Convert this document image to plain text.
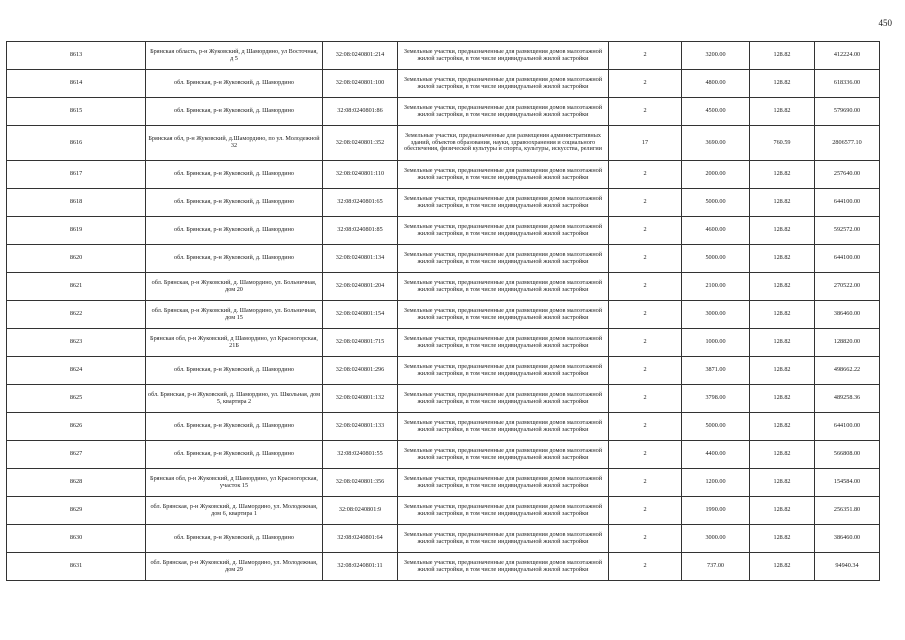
450
8613	Брянская область, р-н Жуковский, д Шамордино, ул Восточная, д 5	32:08:0240801:214	Земельные участки, предназначенные для размещения домов малоэтажной жилой застройки, в том числе индивидуальной жилой застройки	2	3200.00	128.82	412224.00
8614	обл. Брянская, р-н Жуковский, д. Шамордино	32:08:0240801:100	Земельные участки, предназначенные для размещения домов малоэтажной жилой застройки, в том числе индивидуальной жилой застройки	2	4800.00	128.82	618336.00
8615	обл. Брянская, р-н Жуковский, д. Шамордино	32:08:0240801:86	Земельные участки, предназначенные для размещения домов малоэтажной жилой застройки, в том числе индивидуальной жилой застройки	2	4500.00	128.82	579690.00
8616	Брянская обл, р-н Жуковский, д.Шамордино, по ул. Молодежной 32	32:08:0240801:352	Земельные участки, предназначенные для размещения административных зданий, объектов образования, науки, здравоохранения и социального обеспечения, физической культуры и спорта, культуры, искусства, религии	17	3690.00	760.59	2806577.10
8617	обл. Брянская, р-н Жуковский, д. Шамордино	32:08:0240801:110	Земельные участки, предназначенные для размещения домов малоэтажной жилой застройки, в том числе индивидуальной жилой застройки	2	2000.00	128.82	257640.00
8618	обл. Брянская, р-н Жуковский, д. Шамордино	32:08:0240801:65	Земельные участки, предназначенные для размещения домов малоэтажной жилой застройки, в том числе индивидуальной жилой застройки	2	5000.00	128.82	644100.00
8619	обл. Брянская, р-н Жуковский, д. Шамордино	32:08:0240801:85	Земельные участки, предназначенные для размещения домов малоэтажной жилой застройки, в том числе индивидуальной жилой застройки	2	4600.00	128.82	592572.00
8620	обл. Брянская, р-н Жуковский, д. Шамордино	32:08:0240801:134	Земельные участки, предназначенные для размещения домов малоэтажной жилой застройки, в том числе индивидуальной жилой застройки	2	5000.00	128.82	644100.00
8621	обл. Брянская, р-н Жуковский, д. Шамордино, ул. Больничная, дом 20	32:08:0240801:204	Земельные участки, предназначенные для размещения домов малоэтажной жилой застройки, в том числе индивидуальной жилой застройки	2	2100.00	128.82	270522.00
8622	обл. Брянская, р-н Жуковский, д. Шамордино, ул. Больничная, дом 15	32:08:0240801:154	Земельные участки, предназначенные для размещения домов малоэтажной жилой застройки, в том числе индивидуальной жилой застройки	2	3000.00	128.82	386460.00
8623	Брянская обл, р-н Жуковский, д Шамордино, ул Красногорская, 21Б	32:08:0240801:715	Земельные участки, предназначенные для размещения домов малоэтажной жилой застройки, в том числе индивидуальной жилой застройки	2	1000.00	128.82	128820.00
8624	обл. Брянская, р-н Жуковский, д. Шамордино	32:08:0240801:296	Земельные участки, предназначенные для размещения домов малоэтажной жилой застройки, в том числе индивидуальной жилой застройки	2	3871.00	128.82	498662.22
8625	обл. Брянская, р-н Жуковский, д. Шамордино, ул. Школьная, дом 5, квартира 2	32:08:0240801:132	Земельные участки, предназначенные для размещения домов малоэтажной жилой застройки, в том числе индивидуальной жилой застройки	2	3798.00	128.82	489258.36
8626	обл. Брянская, р-н Жуковский, д. Шамордино	32:08:0240801:133	Земельные участки, предназначенные для размещения домов малоэтажной жилой застройки, в том числе индивидуальной жилой застройки	2	5000.00	128.82	644100.00
8627	обл. Брянская, р-н Жуковский, д. Шамордино	32:08:0240801:55	Земельные участки, предназначенные для размещения домов малоэтажной жилой застройки, в том числе индивидуальной жилой застройки	2	4400.00	128.82	566808.00
8628	Брянская обл, р-н Жуковский, д Шамордино, ул Красногорская, участок 15	32:08:0240801:356	Земельные участки, предназначенные для размещения домов малоэтажной жилой застройки, в том числе индивидуальной жилой застройки	2	1200.00	128.82	154584.00
8629	обл. Брянская, р-н Жуковский, д. Шамордино, ул. Молодежная, дом 6, квартира 1	32:08:0240801:9	Земельные участки, предназначенные для размещения домов малоэтажной жилой застройки, в том числе индивидуальной жилой застройки	2	1990.00	128.82	256351.80
8630	обл. Брянская, р-н Жуковский, д. Шамордино	32:08:0240801:64	Земельные участки, предназначенные для размещения домов малоэтажной жилой застройки, в том числе индивидуальной жилой застройки	2	3000.00	128.82	386460.00
8631	обл. Брянская, р-н Жуковский, д. Шамордино, ул. Молодежная, дом 29	32:08:0240801:11	Земельные участки, предназначенные для размещения домов малоэтажной жилой застройки, в том числе индивидуальной жилой застройки	2	737.00	128.82	94940.34
